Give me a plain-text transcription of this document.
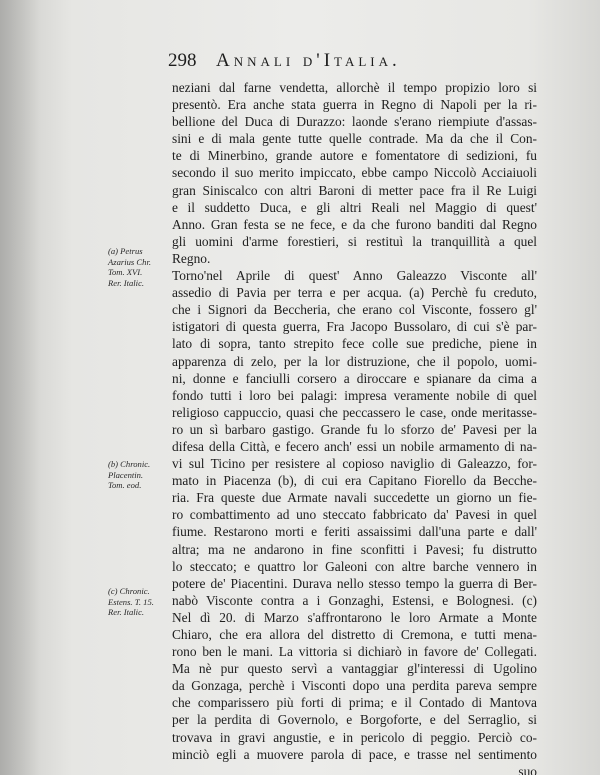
298 Annali d'Italia.
(a) Petrus
Azarius Chr.
Tom. XVI.
Rer. Italic.
(b) Chronic.
Placentin.
Tom. eod.
(c) Chronic.
Estens. T. 15.
Rer. Italic.
neziani dal farne vendetta, allorchè il tempo propizio loro si
presentò. Era anche stata guerra in Regno di Napoli per la ri-
bellione del Duca di Durazzo: laonde s'erano riempiute d'assas-
sini e di mala gente tutte quelle contrade. Ma da che il Con-
te di Minerbino, grande autore e fomentatore di sedizioni, fu
secondo il suo merito impiccato, ebbe campo Niccolò Acciaiuoli
gran Siniscalco con altri Baroni di metter pace fra il Re Luigi
e il suddetto Duca, e gli altri Reali nel Maggio di quest'
Anno. Gran festa se ne fece, e da che furono banditi dal Regno
gli uomini d'arme forestieri, si restituì la tranquillità a quel
Regno.
Torno'nel Aprile di quest' Anno Galeazzo Visconte all'
assedio di Pavia per terra e per acqua. (a) Perchè fu creduto,
che i Signori da Beccheria, che erano col Visconte, fossero gl'
istigatori di questa guerra, Fra Jacopo Bussolaro, di cui s'è par-
lato di sopra, tanto strepito fece colle sue prediche, piene in
apparenza di zelo, per la lor distruzione, che il popolo, uomi-
ni, donne e fanciulli corsero a diroccare e spianare da cima a
fondo tutti i loro bei palagi: impresa veramente nobile di quel
religioso cappuccio, quasi che peccassero le case, onde meritasse-
ro un sì barbaro gastigo. Grande fu lo sforzo de' Pavesi per la
difesa della Città, e fecero anch' essi un nobile armamento di na-
vi sul Ticino per resistere al copioso naviglio di Galeazzo, for-
mato in Piacenza (b), di cui era Capitano Fiorello da Becche-
ria. Fra queste due Armate navali succedette un giorno un fie-
ro combattimento ad uno steccato fabbricato da' Pavesi in quel
fiume. Restarono morti e feriti assaissimi dall'una parte e dall'
altra; ma ne andarono in fine sconfitti i Pavesi; fu distrutto
lo steccato; e quattro lor Galeoni con altre barche vennero in
potere de' Piacentini. Durava nello stesso tempo la guerra di Ber-
nabò Visconte contra a i Gonzaghi, Estensi, e Bolognesi. (c)
Nel dì 20. di Marzo s'affrontarono le loro Armate a Monte
Chiaro, che era allora del distretto di Cremona, e tutti mena-
rono ben le mani. La vittoria si dichiarò in favore de' Collegati.
Ma nè pur questo servì a vantaggiar gl'interessi di Ugolino
da Gonzaga, perchè i Visconti dopo una perdita pareva sempre
che comparissero più forti di prima; e il Contado di Mantova
per la perdita di Governolo, e Borgoforte, e del Serraglio, si
trovava in gravi angustie, e in pericolo di peggio. Perciò co-
minciò egli a muovere parola di pace, e trasse nel sentimento
suo
